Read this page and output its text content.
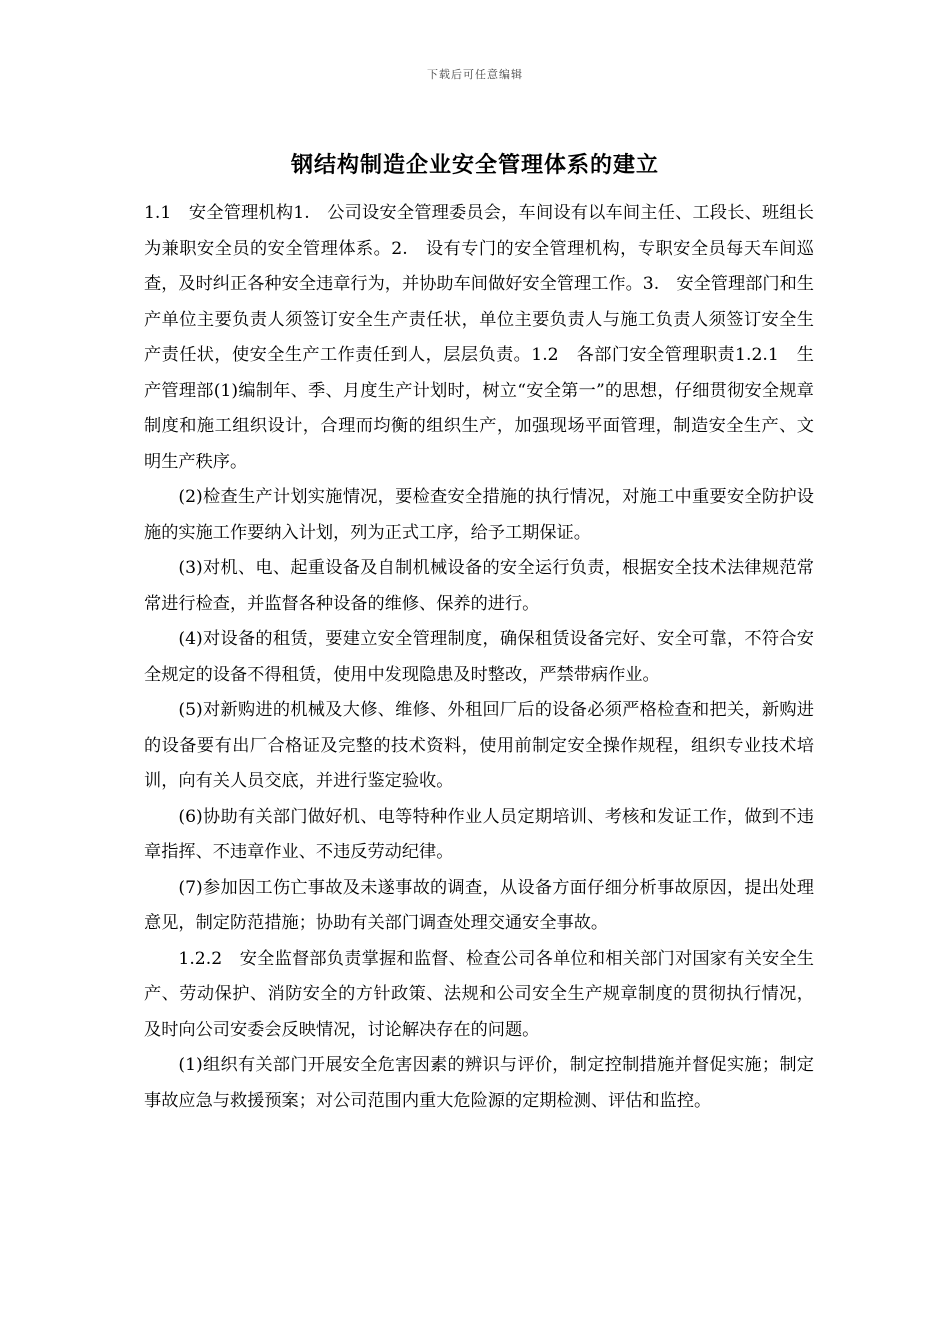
下载后可任意编辑
钢结构制造企业安全管理体系的建立

1.1　安全管理机构1.　公司设安全管理委员会，车间设有以车间主任、工段长、班组长为兼职安全员的安全管理体系。2.　设有专门的安全管理机构，专职安全员每天车间巡查，及时纠正各种安全违章行为，并协助车间做好安全管理工作。3.　安全管理部门和生产单位主要负责人须签订安全生产责任状，单位主要负责人与施工负责人须签订安全生产责任状，使安全生产工作责任到人，层层负责。1.2　各部门安全管理职责1.2.1　生产管理部(1)编制年、季、月度生产计划时，树立“安全第一”的思想，仔细贯彻安全规章制度和施工组织设计，合理而均衡的组织生产，加强现场平面管理，制造安全生产、文明生产秩序。

(2)检查生产计划实施情况，要检查安全措施的执行情况，对施工中重要安全防护设施的实施工作要纳入计划，列为正式工序，给予工期保证。

(3)对机、电、起重设备及自制机械设备的安全运行负责，根据安全技术法律规范常常进行检查，并监督各种设备的维修、保养的进行。

(4)对设备的租赁，要建立安全管理制度，确保租赁设备完好、安全可靠，不符合安全规定的设备不得租赁，使用中发现隐患及时整改，严禁带病作业。

(5)对新购进的机械及大修、维修、外租回厂后的设备必须严格检查和把关，新购进的设备要有出厂合格证及完整的技术资料，使用前制定安全操作规程，组织专业技术培训，向有关人员交底，并进行鉴定验收。

(6)协助有关部门做好机、电等特种作业人员定期培训、考核和发证工作，做到不违章指挥、不违章作业、不违反劳动纪律。

(7)参加因工伤亡事故及未遂事故的调查，从设备方面仔细分析事故原因，提出处理意见，制定防范措施；协助有关部门调查处理交通安全事故。

1.2.2　安全监督部负责掌握和监督、检查公司各单位和相关部门对国家有关安全生产、劳动保护、消防安全的方针政策、法规和公司安全生产规章制度的贯彻执行情况，及时向公司安委会反映情况，讨论解决存在的问题。

(1)组织有关部门开展安全危害因素的辨识与评价，制定控制措施并督促实施；制定事故应急与救援预案；对公司范围内重大危险源的定期检测、评估和监控。
